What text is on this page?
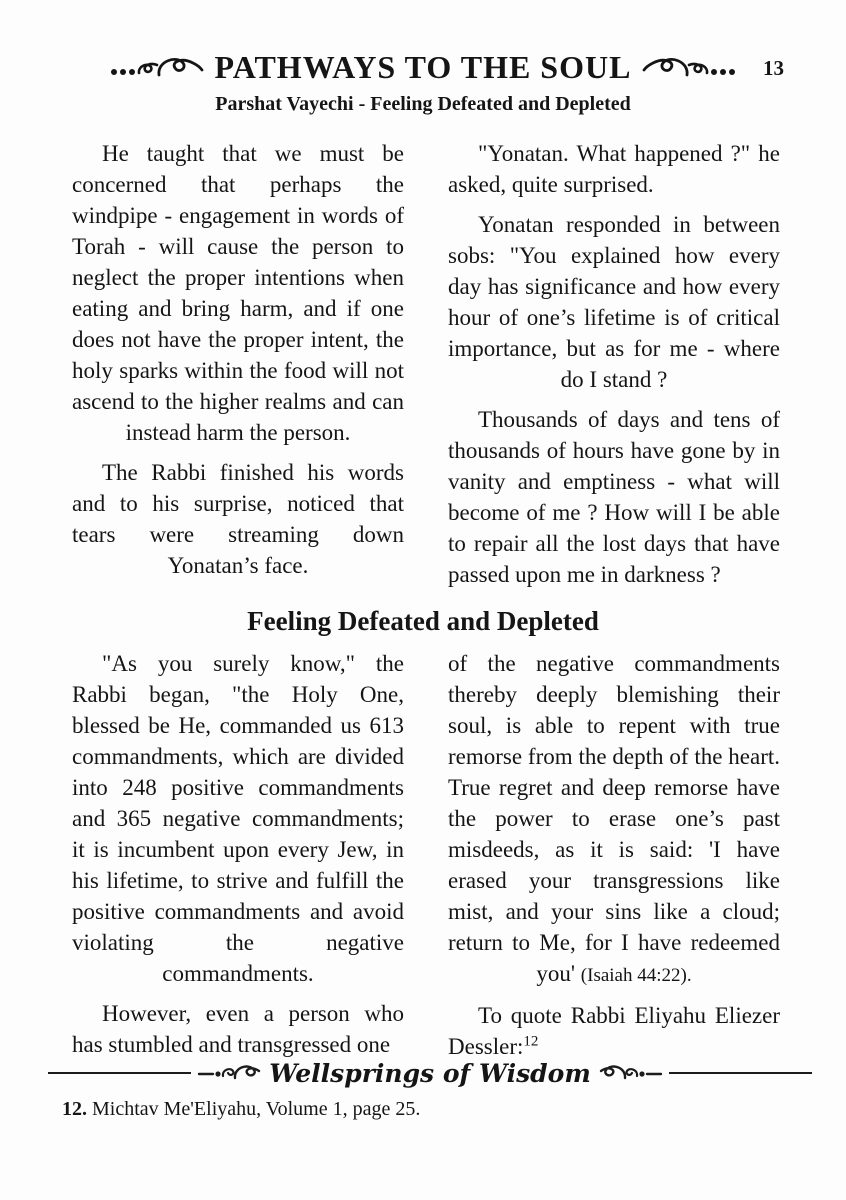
PATHWAYS TO THE SOUL	13
Parshat Vayechi - Feeling Defeated and Depleted

He taught that we must be concerned that perhaps the windpipe - engagement in words of Torah - will cause the person to neglect the proper intentions when eating and bring harm, and if one does not have the proper intent, the holy sparks within the food will not ascend to the higher realms and can instead harm the person.

The Rabbi finished his words and to his surprise, noticed that tears were streaming down Yonatan’s face.

"Yonatan. What happened ?" he asked, quite surprised.

Yonatan responded in between sobs: "You explained how every day has significance and how every hour of one’s lifetime is of critical importance, but as for me - where do I stand ?

Thousands of days and tens of thousands of hours have gone by in vanity and emptiness - what will become of me ? How will I be able to repair all the lost days that have passed upon me in darkness ?

Feeling Defeated and Depleted

"As you surely know," the Rabbi began, "the Holy One, blessed be He, commanded us 613 commandments, which are divided into 248 positive commandments and 365 negative commandments; it is incumbent upon every Jew, in his lifetime, to strive and fulfill the positive commandments and avoid violating the negative commandments.

However, even a person who has stumbled and transgressed one

of the negative commandments thereby deeply blemishing their soul, is able to repent with true remorse from the depth of the heart. True regret and deep remorse have the power to erase one’s past misdeeds, as it is said: 'I have erased your transgressions like mist, and your sins like a cloud; return to Me, for I have redeemed you' (Isaiah 44:22).

To quote Rabbi Eliyahu Eliezer Dessler:$^{12}$

Wellsprings of Wisdom
12. Michtav Me'Eliyahu, Volume 1, page 25.
